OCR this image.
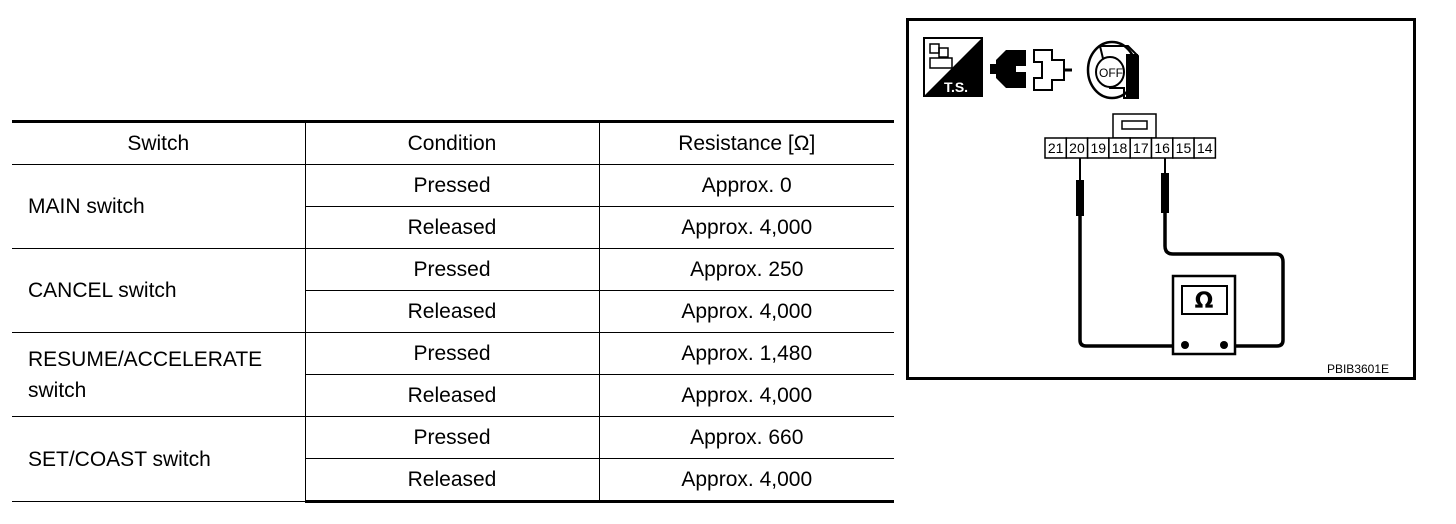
Switch	Condition	Resistance [Ω]
MAIN switch	Pressed	Approx. 0
	Released	Approx. 4,000
CANCEL switch	Pressed	Approx. 250
	Released	Approx. 4,000
RESUME/ACCELERATE switch	Pressed	Approx. 1,480
	Released	Approx. 4,000
SET/COAST switch	Pressed	Approx. 660
	Released	Approx. 4,000
T.S.
OFF
21 20 19 18 17 16 15 14
Ω
PBIB3601E
